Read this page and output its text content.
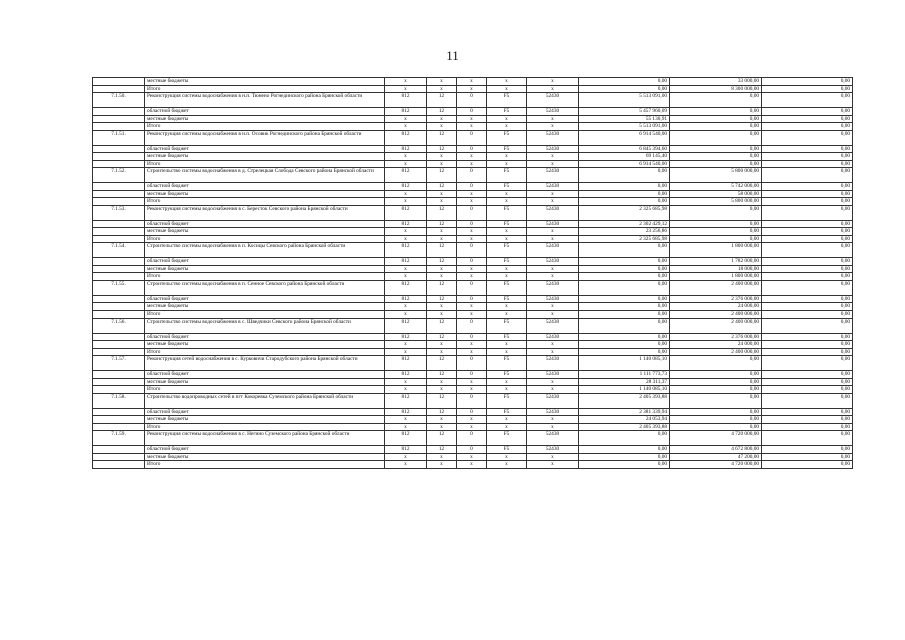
11
	местные бюджеты	x	x	x	x	x	0,00	33 000,00	0,00
	Итого	x	x	x	x	x	0,00	8 300 000,00	0,00
7.1.50.	Реконструкция системы водоснабжения в н.п. Тюнено Рогнединского района Брянской области	812	12	0	F5	52430	5 513 091,00	0,00	0,00
	областной бюджет	812	12	0	F5	52430	5 457 960,09	0,00	0,00
	местные бюджеты	x	x	x	x	x	55 130,91	0,00	0,00
	Итого	x	x	x	x	x	5 513 091,00	0,00	0,00
7.1.51.	Реконструкция системы водоснабжения в н.п. Осовик Рогнединского района Брянской области	812	12	0	F5	52430	6 914 540,00	0,00	0,00
	областной бюджет	812	12	0	F5	52430	6 845 394,60	0,00	0,00
	местные бюджеты	x	x	x	x	x	69 145,40	0,00	0,00
	Итого	x	x	x	x	x	6 914 540,00	0,00	0,00
7.1.52.	Строительство системы водоснабжения в д. Стрелецкая Слобода Севского района Брянской области	812	12	0	F5	52430	0,00	5 800 000,00	0,00
	областной бюджет	812	12	0	F5	52430	0,00	5 742 000,00	0,00
	местные бюджеты	x	x	x	x	x	0,00	58 000,00	0,00
	Итого	x	x	x	x	x	0,00	5 800 000,00	0,00
7.1.53.	Реконструкция системы водоснабжения в с. Бересток Севского района Брянской области	812	12	0	F5	52430	2 325 685,98	0,00	0,00
	областной бюджет	812	12	0	F5	52430	2 302 429,12	0,00	0,00
	местные бюджеты	x	x	x	x	x	23 256,86	0,00	0,00
	Итого	x	x	x	x	x	2 325 685,98	0,00	0,00
7.1.54.	Строительство системы водоснабжения в п. Косицы Севского района Брянской области	812	12	0	F5	52430	0,00	1 800 000,00	0,00
	областной бюджет	812	12	0	F5	52430	0,00	1 782 000,00	0,00
	местные бюджеты	x	x	x	x	x	0,00	18 000,00	0,00
	Итого	x	x	x	x	x	0,00	1 800 000,00	0,00
7.1.55.	Строительство системы водоснабжения в п. Сенное Севского района Брянской области	812	12	0	F5	52430	0,00	2 400 000,00	0,00
	областной бюджет	812	12	0	F5	52430	0,00	2 376 000,00	0,00
	местные бюджеты	x	x	x	x	x	0,00	24 000,00	0,00
	Итого	x	x	x	x	x	0,00	2 400 000,00	0,00
7.1.56.	Строительство системы водоснабжения в с. Шведчики Севского района Брянской области	812	12	0	F5	52430	0,00	2 400 000,00	0,00
	областной бюджет	812	12	0	F5	52430	0,00	2 376 000,00	0,00
	местные бюджеты	x	x	x	x	x	0,00	24 000,00	0,00
	Итого	x	x	x	x	x	0,00	2 400 000,00	0,00
7.1.57.	Реконструкция сетей водоснабжения в с. Курковичи Стародубского района Брянской области	812	12	0	F5	52430	1 140 085,10	0,00	0,00
	областной бюджет	812	12	0	F5	52430	1 111 773,73	0,00	0,00
	местные бюджеты	x	x	x	x	x	28 311,37	0,00	0,00
	Итого	x	x	x	x	x	1 140 085,10	0,00	0,00
7.1.58.	Строительство водопроводных сетей в пгт Кокоревка Суземского района Брянской области	812	12	0	F5	52430	2 405 393,88	0,00	0,00
	областной бюджет	812	12	0	F5	52430	2 381 339,94	0,00	0,00
	местные бюджеты	x	x	x	x	x	24 053,94	0,00	0,00
	Итого	x	x	x	x	x	2 405 393,88	0,00	0,00
7.1.59.	Реконструкция системы водоснабжения в с. Негино Суземского района Брянской области	812	12	0	F5	52430	0,00	4 720 000,00	0,00
	областной бюджет	812	12	0	F5	52430	0,00	4 672 800,00	0,00
	местные бюджеты	x	x	x	x	x	0,00	47 200,00	0,00
	Итого	x	x	x	x	x	0,00	4 720 000,00	0,00
